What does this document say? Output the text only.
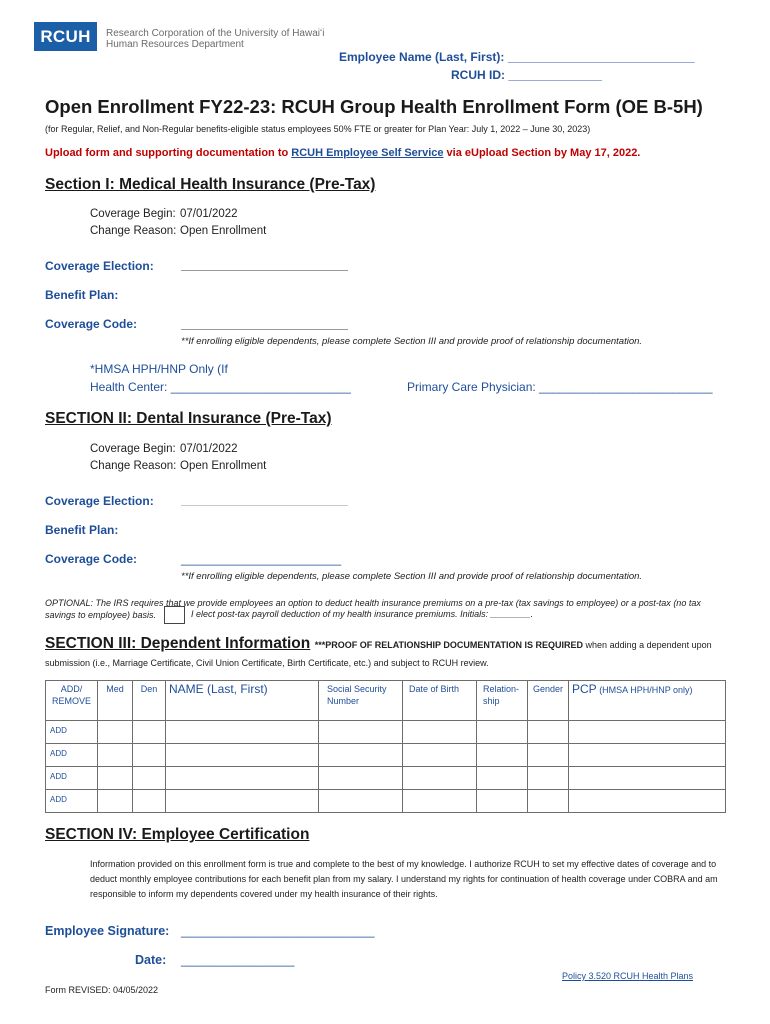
RCUH	Research Corporation of the University of Hawaiʻi
Human Resources Department
Employee Name (Last, First): ____________________________
RCUH ID: ______________
Open Enrollment FY22-23: RCUH Group Health Enrollment Form (OE B-5H)
(for Regular, Relief, and Non-Regular benefits-eligible status employees 50% FTE or greater for Plan Year: July 1, 2022 – June 30, 2023)
Upload form and supporting documentation to RCUH Employee Self Service via eUpload Section by May 17, 2022.
Section I: Medical Health Insurance (Pre-Tax)
Coverage Begin: 07/01/2022
Change Reason: Open Enrollment
Coverage Election:
Benefit Plan:
Coverage Code:
**If enrolling eligible dependents, please complete Section III and provide proof of relationship documentation.
*HMSA HPH/HNP Only (If
Health Center: ___________________________	Primary Care Physician: __________________________
SECTION II: Dental Insurance (Pre-Tax)
Coverage Begin: 07/01/2022
Change Reason: Open Enrollment
Coverage Election:
Benefit Plan:
Coverage Code:	________________________
**If enrolling eligible dependents, please complete Section III and provide proof of relationship documentation.
OPTIONAL: The IRS requires that we provide employees an option to deduct health insurance premiums on a pre-tax (tax savings to employee) or a post-tax (no tax savings to employee) basis.	I elect post-tax payroll deduction of my health insurance premiums. Initials: ________.
SECTION III: Dependent Information ***PROOF OF RELATIONSHIP DOCUMENTATION IS REQUIRED when adding a dependent upon
submission (i.e., Marriage Certificate, Civil Union Certificate, Birth Certificate, etc.) and subject to RCUH review.
ADD/ REMOVE	Med	Den	NAME (Last, First)	Social Security Number	Date of Birth	Relation-ship	Gender	PCP (HMSA HPH/HNP only)
ADD								
ADD								
ADD								
ADD								
SECTION IV: Employee Certification
Information provided on this enrollment form is true and complete to the best of my knowledge. I authorize RCUH to set my effective dates of coverage and to deduct monthly employee contributions for each benefit plan from my salary. I understand my rights for continuation of health coverage under COBRA and am responsible to inform my dependents covered under my health insurance of their rights.
Employee Signature: _____________________________
Date: _________________
Policy 3.520 RCUH Health Plans
Form REVISED: 04/05/2022
